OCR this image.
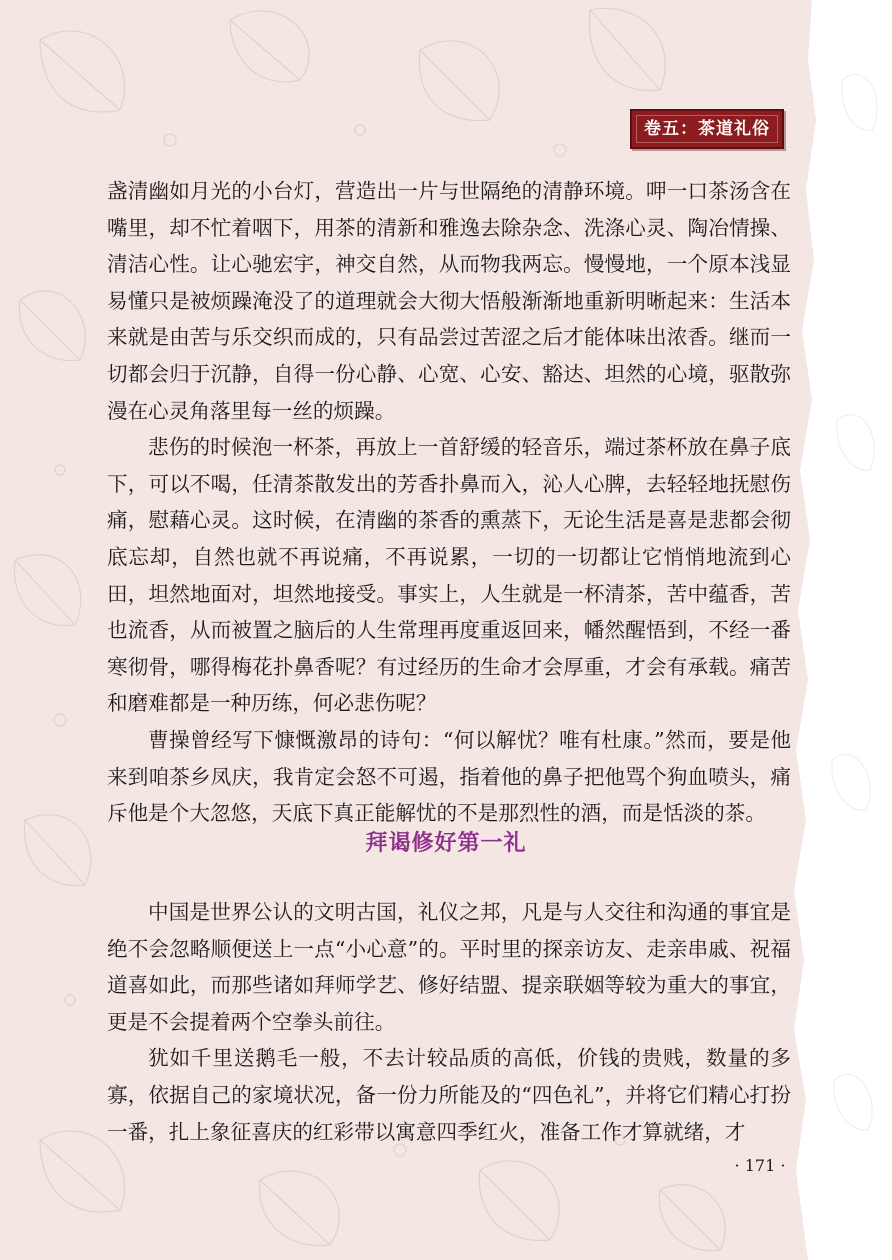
卷五：茶道礼俗

盏清幽如月光的小台灯，营造出一片与世隔绝的清静环境。呷一口茶汤含在嘴里，却不忙着咽下，用茶的清新和雅逸去除杂念、洗涤心灵、陶冶情操、清洁心性。让心驰宏宇，神交自然，从而物我两忘。慢慢地，一个原本浅显易懂只是被烦躁淹没了的道理就会大彻大悟般渐渐地重新明晰起来：生活本来就是由苦与乐交织而成的，只有品尝过苦涩之后才能体味出浓香。继而一切都会归于沉静，自得一份心静、心宽、心安、豁达、坦然的心境，驱散弥漫在心灵角落里每一丝的烦躁。

悲伤的时候泡一杯茶，再放上一首舒缓的轻音乐，端过茶杯放在鼻子底下，可以不喝，任清茶散发出的芳香扑鼻而入，沁人心脾，去轻轻地抚慰伤痛，慰藉心灵。这时候，在清幽的茶香的熏蒸下，无论生活是喜是悲都会彻底忘却，自然也就不再说痛，不再说累，一切的一切都让它悄悄地流到心田，坦然地面对，坦然地接受。事实上，人生就是一杯清茶，苦中蕴香，苦也流香，从而被置之脑后的人生常理再度重返回来，幡然醒悟到，不经一番寒彻骨，哪得梅花扑鼻香呢？有过经历的生命才会厚重，才会有承载。痛苦和磨难都是一种历练，何必悲伤呢？

曹操曾经写下慷慨激昂的诗句：“何以解忧？唯有杜康。”然而，要是他来到咱茶乡凤庆，我肯定会怒不可遏，指着他的鼻子把他骂个狗血喷头，痛斥他是个大忽悠，天底下真正能解忧的不是那烈性的酒，而是恬淡的茶。

拜谒修好第一礼

中国是世界公认的文明古国，礼仪之邦，凡是与人交往和沟通的事宜是绝不会忽略顺便送上一点“小心意”的。平时里的探亲访友、走亲串戚、祝福道喜如此，而那些诸如拜师学艺、修好结盟、提亲联姻等较为重大的事宜，更是不会提着两个空拳头前往。

犹如千里送鹅毛一般，不去计较品质的高低，价钱的贵贱，数量的多寡，依据自己的家境状况，备一份力所能及的“四色礼”，并将它们精心打扮一番，扎上象征喜庆的红彩带以寓意四季红火，准备工作才算就绪，才

· 171 ·
